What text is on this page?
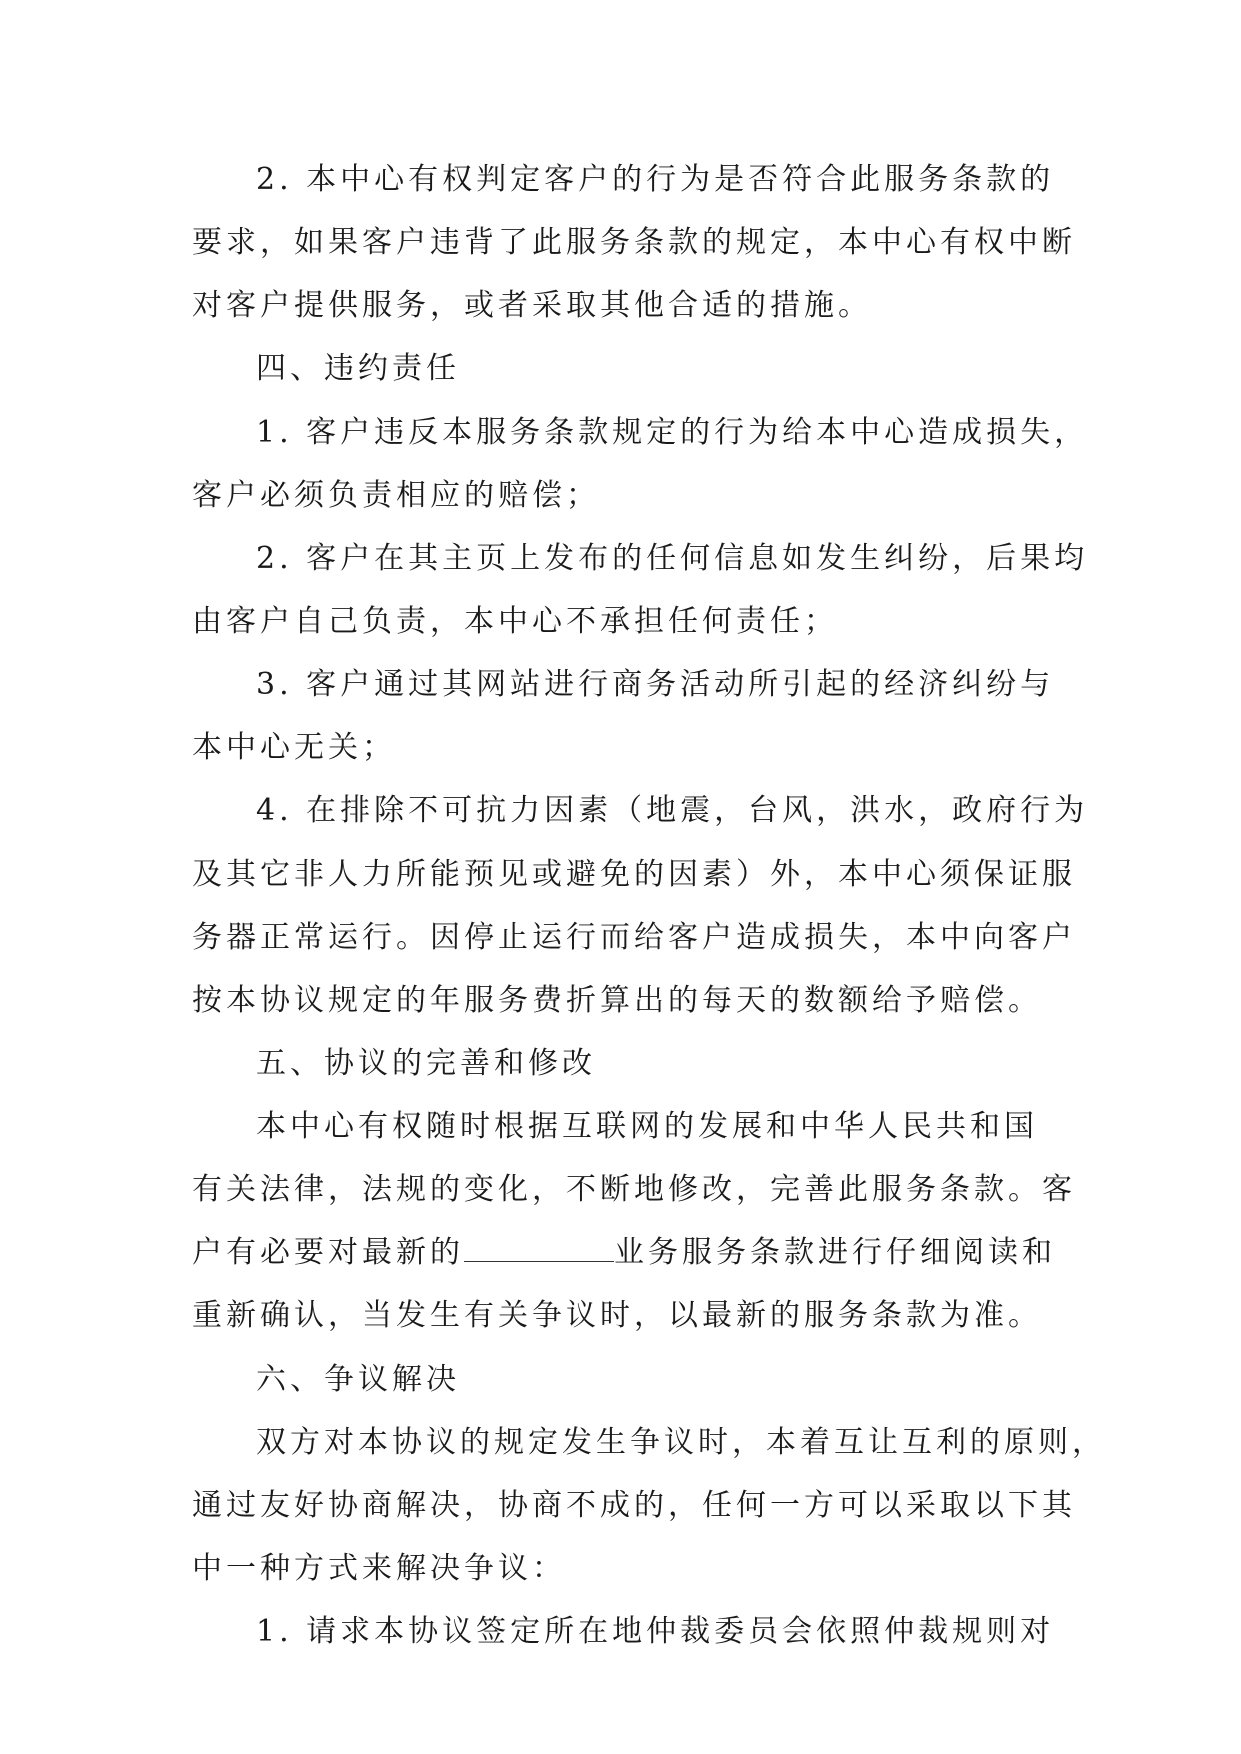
2. 本中心有权判定客户的行为是否符合此服务条款的
要求，如果客户违背了此服务条款的规定，本中心有权中断
对客户提供服务，或者采取其他合适的措施。
四、违约责任
1. 客户违反本服务条款规定的行为给本中心造成损失，
客户必须负责相应的赔偿；
2. 客户在其主页上发布的任何信息如发生纠纷，后果均
由客户自己负责，本中心不承担任何责任；
3. 客户通过其网站进行商务活动所引起的经济纠纷与
本中心无关；
4. 在排除不可抗力因素（地震，台风，洪水，政府行为
及其它非人力所能预见或避免的因素）外，本中心须保证服
务器正常运行。因停止运行而给客户造成损失，本中向客户
按本协议规定的年服务费折算出的每天的数额给予赔偿。
五、协议的完善和修改
本中心有权随时根据互联网的发展和中华人民共和国
有关法律，法规的变化，不断地修改，完善此服务条款。客
户有必要对最新的	业务服务条款进行仔细阅读和
重新确认，当发生有关争议时，以最新的服务条款为准。
六、争议解决
双方对本协议的规定发生争议时，本着互让互利的原则，
通过友好协商解决，协商不成的，任何一方可以采取以下其
中一种方式来解决争议：
1. 请求本协议签定所在地仲裁委员会依照仲裁规则对
